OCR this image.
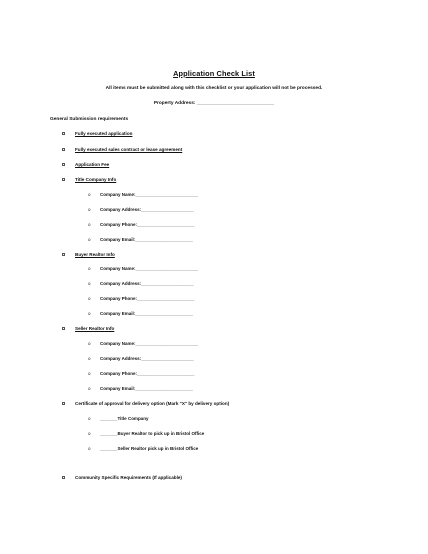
Application Check List
All items must be submitted along with this checklist or your application will not be processed.
Property Address: _____________________________
General Submission requirements

Fully executed application

Fully executed sales contract or lease agreement

Application Fee

Title Company Info

o

Company Name:_________________________

o

Company Address:_____________________

o

Company Phone:_______________________

o

Company Email:_______________________

Buyer Realtor Info

o

Company Name:_________________________

o

Company Address:_____________________

o

Company Phone:_______________________

o

Company Email:_______________________

Seller Realtor Info

o

Company Name:_________________________

o

Company Address:_____________________

o

Company Phone:_______________________

o

Company Email:_______________________

Certificate of approval for delivery option (Mark "X" by delivery option)

o

_______Title Company

o

_______Buyer Realtor to pick up in Bristol Office

o

_______Seller Realtor pick up in Bristol Office

Community Specific Requirements (If applicable)
